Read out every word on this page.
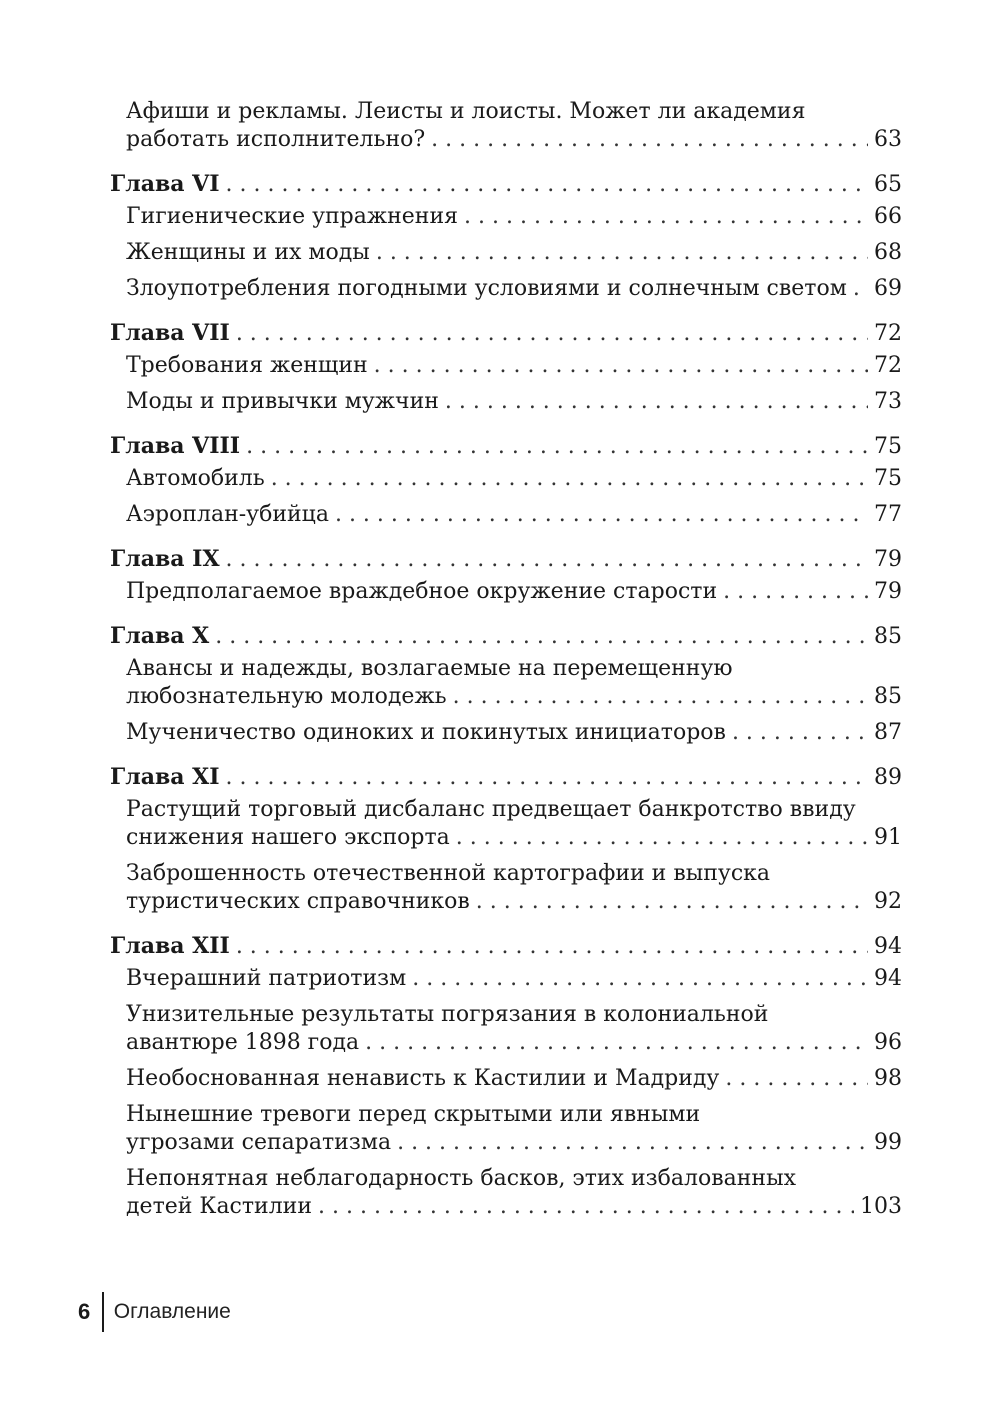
Афиши и рекламы. Леисты и лоисты. Может ли академия
работать исполнительно? . . .	63
Глава VI . . .	65
Гигиенические упражнения . . .	66
Женщины и их моды . . .	68
Злоупотребления погодными условиями и солнечным светом . . . 69
Глава VII . . .	72
Требования женщин . . .	72
Моды и привычки мужчин . . .	73
Глава VIII . . .	75
Автомобиль . . .	75
Аэроплан-убийца . . .	77
Глава IX . . .	79
Предполагаемое враждебное окружение старости . . .	79
Глава X . . .	85
Авансы и надежды, возлагаемые на перемещенную
любознательную молодежь . . .	85
Мученичество одиноких и покинутых инициаторов . . .	87
Глава XI . . .	89
Растущий торговый дисбаланс предвещает банкротство ввиду
снижения нашего экспорта . . .	91
Заброшенность отечественной картографии и выпуска
туристических справочников . . .	92
Глава XII . . .	94
Вчерашний патриотизм . . .	94
Унизительные результаты погрязания в колониальной
авантюре 1898 года . . .	96
Необоснованная ненависть к Кастилии и Мадриду . . .	98
Нынешние тревоги перед скрытыми или явными
угрозами сепаратизма . . .	99
Непонятная неблагодарность басков, этих избалованных
детей Кастилии . . .	103
6	Оглавление
